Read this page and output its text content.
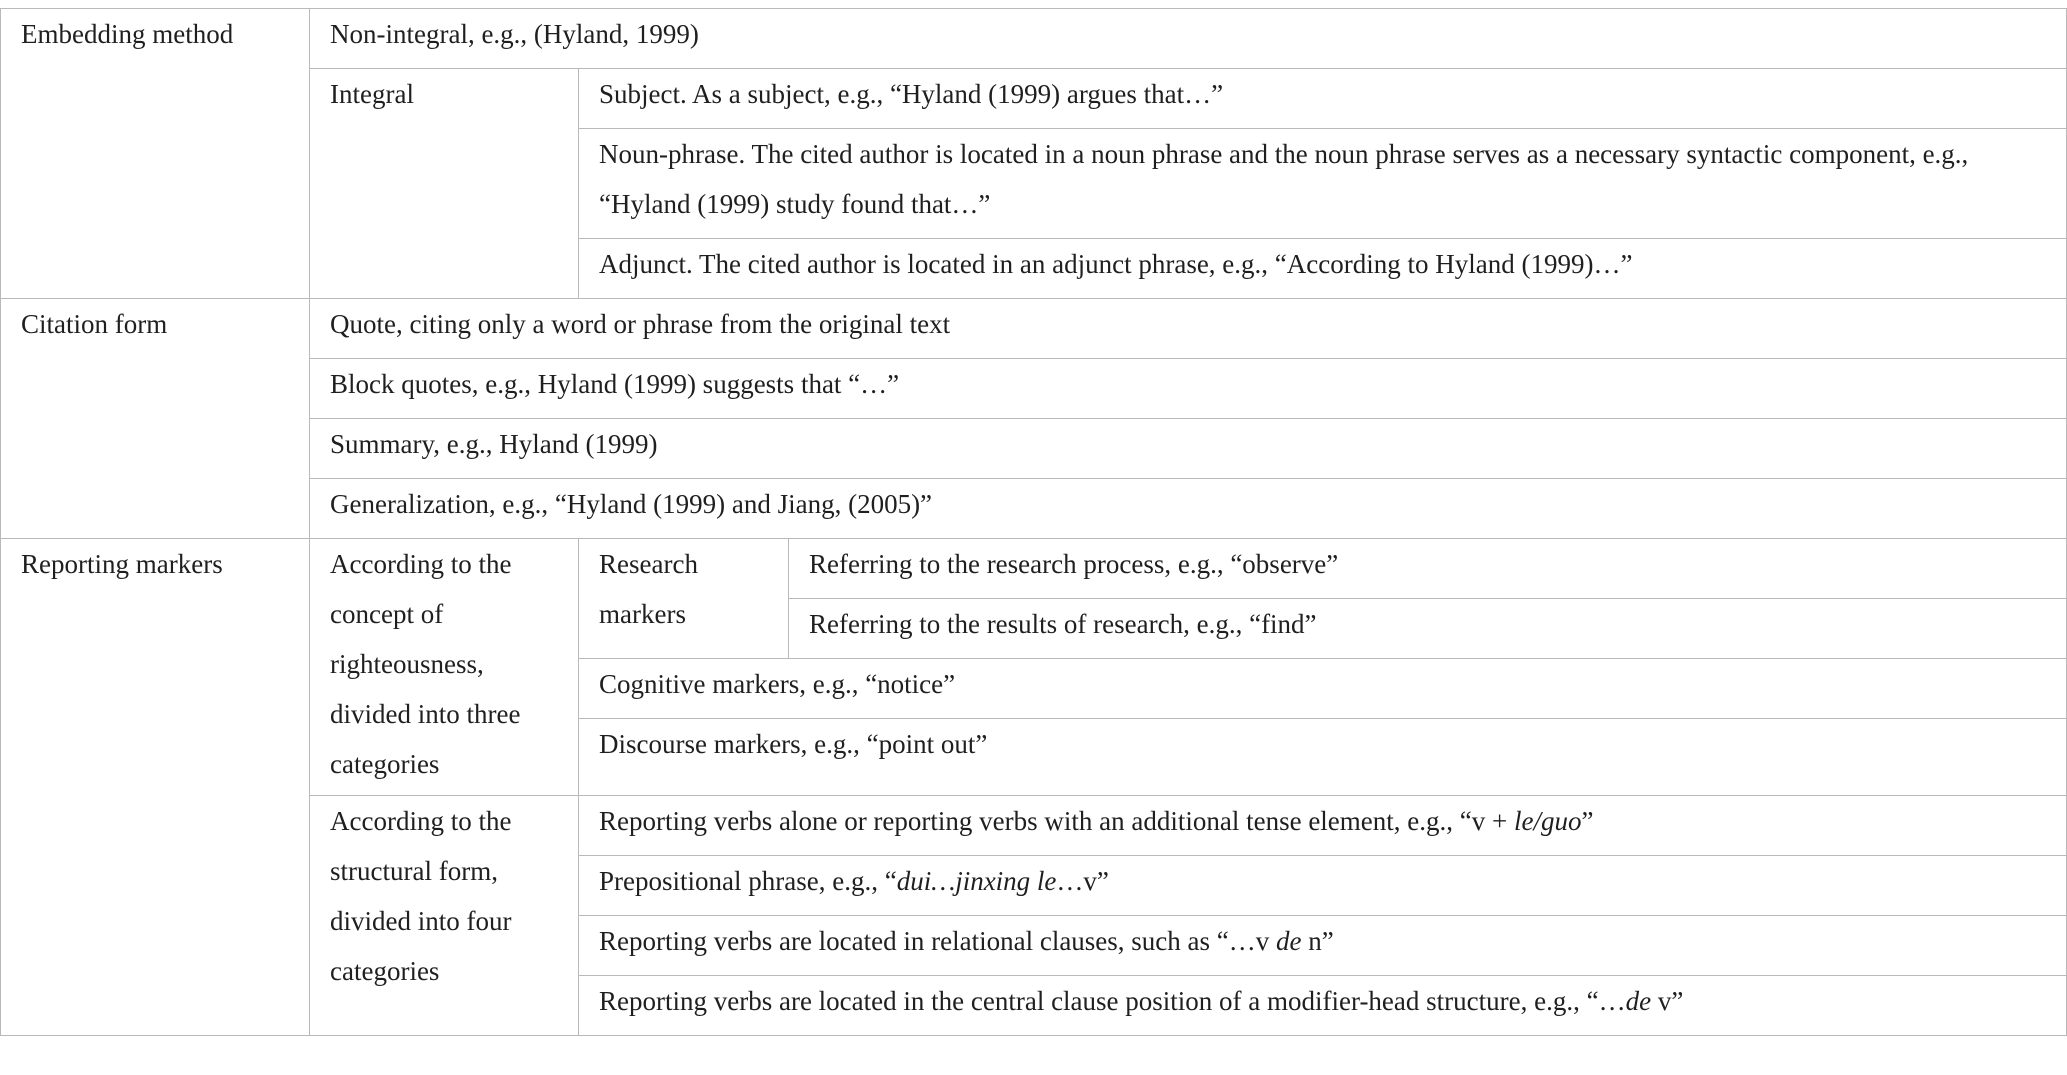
Embedding method	Non-integral, e.g., (Hyland, 1999)		
	Integral	Subject. As a subject, e.g., “Hyland (1999) argues that…”	
		Noun-phrase. The cited author is located in a noun phrase and the noun phrase serves as a necessary syntactic component, e.g., “Hyland (1999) study found that…”	
		Adjunct. The cited author is located in an adjunct phrase, e.g., “According to Hyland (1999)…”	
Citation form	Quote, citing only a word or phrase from the original text		
	Block quotes, e.g., Hyland (1999) suggests that “…”		
	Summary, e.g., Hyland (1999)		
	Generalization, e.g., “Hyland (1999) and Jiang, (2005)”		
Reporting markers	According to the concept of righteousness, divided into three categories	Research markers	Referring to the research process, e.g., “observe”
			Referring to the results of research, e.g., “find”
		Cognitive markers, e.g., “notice”	
		Discourse markers, e.g., “point out”	
	According to the structural form, divided into four categories	Reporting verbs alone or reporting verbs with an additional tense element, e.g., “v + le/guo”	
		Prepositional phrase, e.g., “dui…jinxing le…v”	
		Reporting verbs are located in relational clauses, such as “…v de n”	
		Reporting verbs are located in the central clause position of a modifier-head structure, e.g., “…de v”	
